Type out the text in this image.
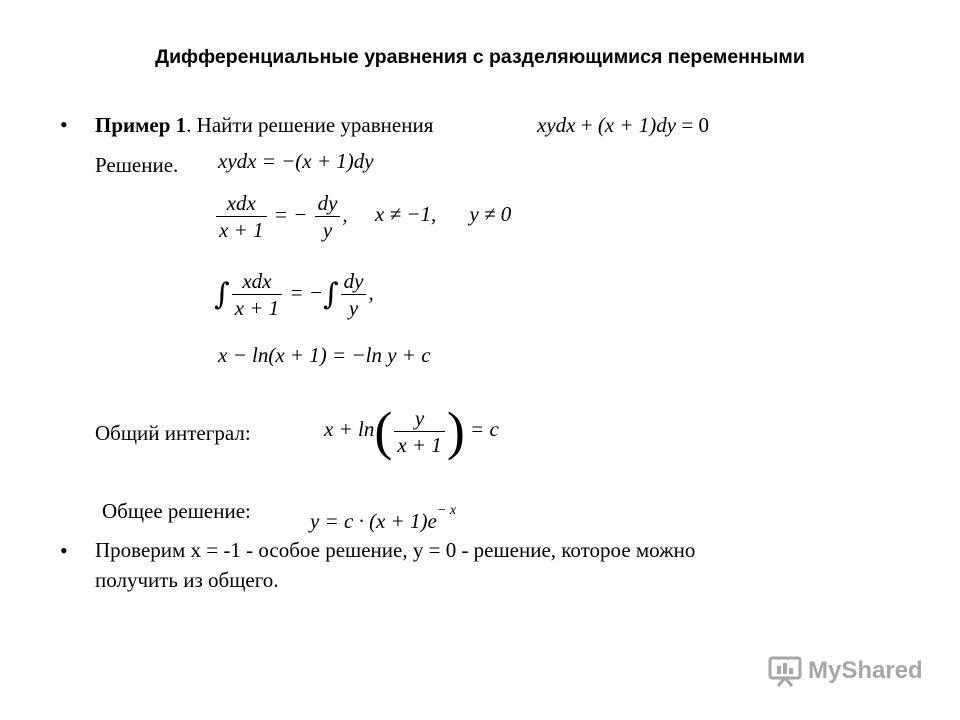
Дифференциальные уравнения с разделяющимися переменными
• Пример 1. Найти решение уравнения	xydx + (x + 1)dy = 0
Решение. xydx = −(x + 1)dy
$\frac{\text{xdx}}{x + 1}$ = − $\frac{dy}{y}$ , x ≠ −1, y ≠ 0
∫ $\frac{\text{xdx}}{x + 1}$ = −∫ $\frac{dy}{y}$ ,
x − ln(x + 1) = −ln y + c
Общий интеграл:	$x + \ln( \frac{y}{x + 1}$ ) = c
Общее решение:	$y = c \cdot (x + 1)e^{- x}$
• Проверим x = -1 - особое решение, y = 0 - решение, которое можно
получить из общего.
MyShared
